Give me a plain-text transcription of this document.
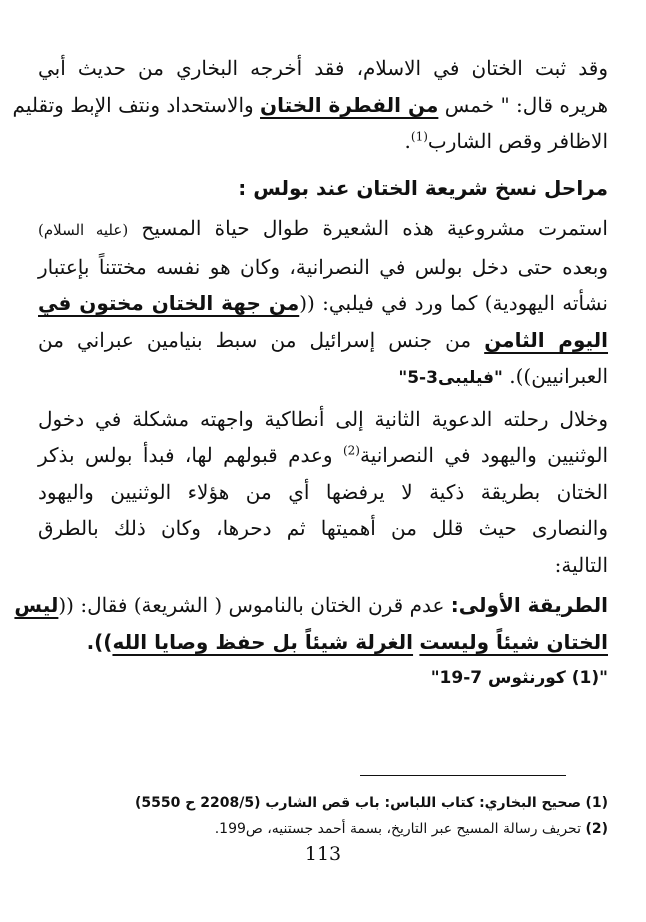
وقد ثبت الختان في الاسلام، فقد أخرجه البخاري من حديث أبي
هريره قال: " خمس من الفطرة الختان والاستحداد ونتف الإبط وتقليم
الاظافر وقص الشارب$^{(1)}$.
مراحل نسخ شريعة الختان عند بولس :
استمرت مشروعية هذه الشعيرة طوال حياة المسيح (عليه السلام)
وبعده حتى دخل بولس في النصرانية، وكان هو نفسه مختتناً بإعتبار
نشأته اليهودية) كما ورد في فيلبي: ((من جهة الختان مختون في
اليوم الثامن من جنس إسرائيل من سبط بنيامين عبراني من
العبرانيين)). "فيليبى3-5"
وخلال رحلته الدعوية الثانية إلى أنطاكية واجهته مشكلة في دخول
الوثنيين واليهود في النصرانية$^{(2)}$ وعدم قبولهم لها، فبدأ بولس بذكر
الختان بطريقة ذكية لا يرفضها أي من هؤلاء الوثنيين واليهود
والنصارى حيث قلل من أهميتها ثم دحرها، وكان ذلك بالطرق
التالية:
الطريقة الأولى: عدم قرن الختان بالناموس ( الشريعة) فقال: ((ليس
الختان شيئاً وليست الغرلة شيئاً بل حفظ وصايا الله)).
"(1) كورنثوس 7-19"
(1) صحيح البخاري: كتاب اللباس: باب قص الشارب (2208/5 ح 5550)
(2) تحريف رسالة المسيح عبر التاريخ، بسمة أحمد جستنيه، ص199.
113
